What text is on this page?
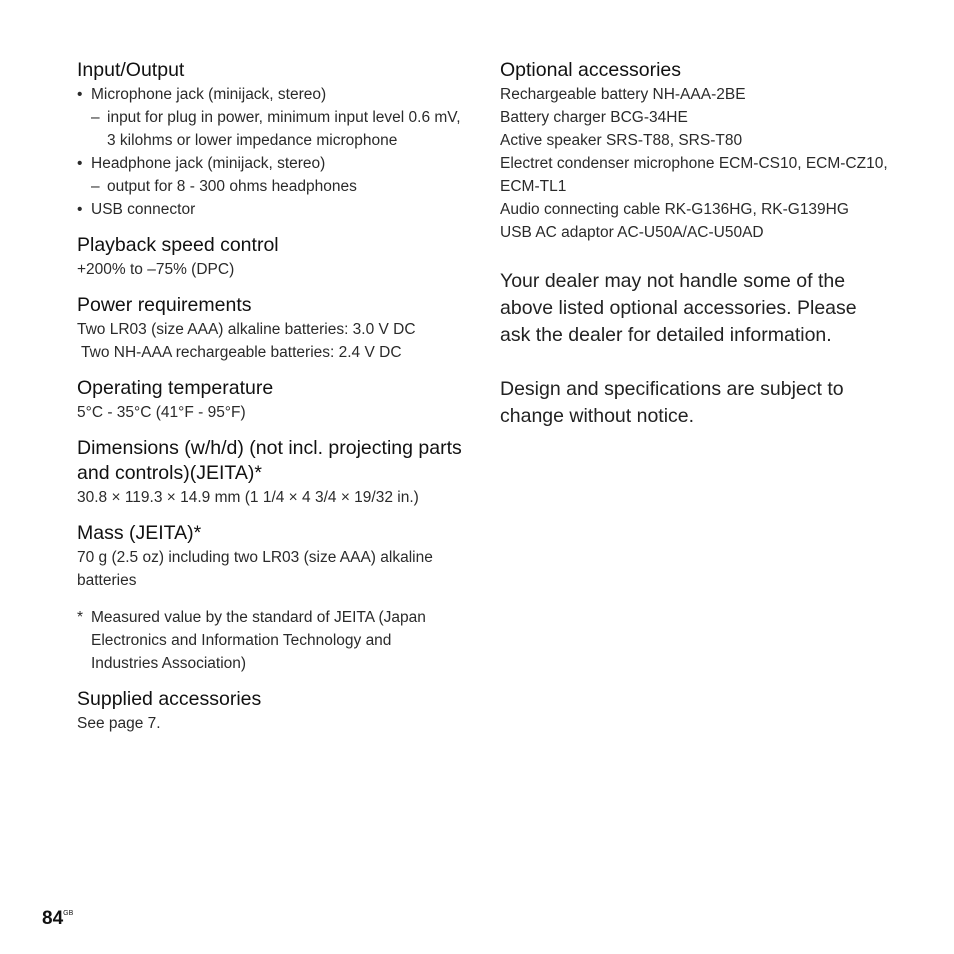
Input/Output
• Microphone jack (minijack, stereo)
– input for plug in power, minimum input level 0.6 mV, 3 kilohms or lower impedance microphone
• Headphone jack (minijack, stereo)
– output for 8 - 300 ohms headphones
• USB connector
Playback speed control

+200% to –75% (DPC)

Power requirements

Two LR03 (size AAA) alkaline batteries: 3.0 V DC

Two NH-AAA rechargeable batteries: 2.4 V DC

Operating temperature

5°C - 35°C (41°F - 95°F)

Dimensions (w/h/d) (not incl. projecting parts and controls)(JEITA)*

30.8 × 119.3 × 14.9 mm (1 1/4 × 4 3/4 × 19/32 in.)

Mass (JEITA)*

70 g (2.5 oz) including two LR03 (size AAA) alkaline batteries

* Measured value by the standard of JEITA (Japan Electronics and Information Technology and Industries Association)
Supplied accessories

See page 7.

Optional accessories

Rechargeable battery NH-AAA-2BE

Battery charger BCG-34HE

Active speaker SRS-T88, SRS-T80

Electret condenser microphone ECM-CS10, ECM-CZ10, ECM-TL1

Audio connecting cable RK-G136HG, RK-G139HG

USB AC adaptor AC-U50A/AC-U50AD

Your dealer may not handle some of the above listed optional accessories. Please ask the dealer for detailed information.

Design and specifications are subject to change without notice.

$84^{GB}$
